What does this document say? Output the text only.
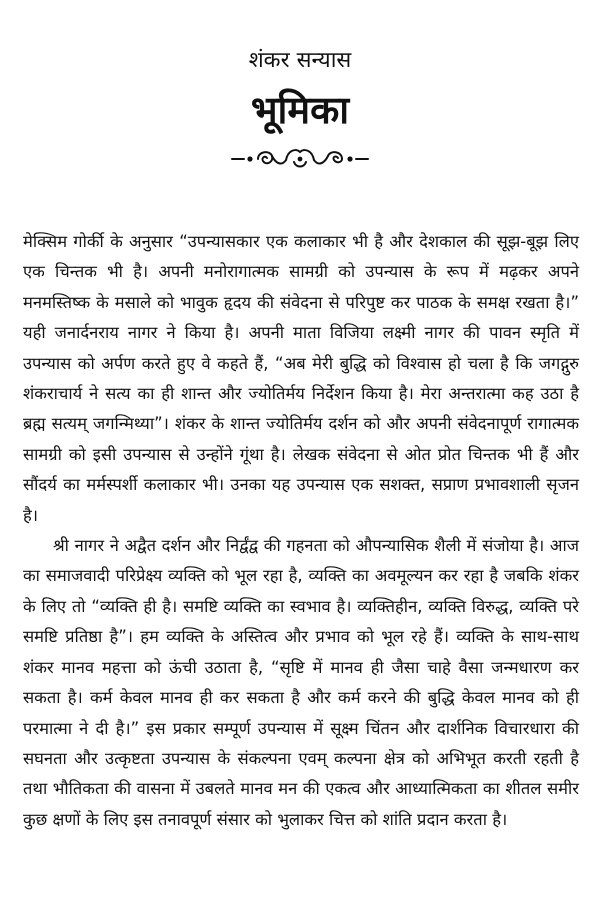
शंकर सन्यास
भूमिका

मेक्सिम गोर्की के अनुसार “उपन्यासकार एक कलाकार भी है और देशकाल की सूझ-बूझ लिए एक चिन्तक भी है। अपनी मनोरागात्मक सामग्री को उपन्यास के रूप में मढ़कर अपने मनमस्तिष्क के मसाले को भावुक हृदय की संवेदना से परिपुष्ट कर पाठक के समक्ष रखता है।” यही जनार्दनराय नागर ने किया है। अपनी माता विजिया लक्ष्मी नागर की पावन स्मृति में उपन्यास को अर्पण करते हुए वे कहते हैं, “अब मेरी बुद्धि को विश्वास हो चला है कि जगद्गुरु शंकराचार्य ने सत्य का ही शान्त और ज्योतिर्मय निर्देशन किया है। मेरा अन्तरात्मा कह उठा है ब्रह्म सत्यम् जगन्मिथ्या”। शंकर के शान्त ज्योतिर्मय दर्शन को और अपनी संवेदनापूर्ण रागात्मक सामग्री को इसी उपन्यास से उन्होंने गूंथा है। लेखक संवेदना से ओत प्रोत चिन्तक भी हैं और सौंदर्य का मर्मस्पर्शी कलाकार भी। उनका यह उपन्यास एक सशक्त, सप्राण प्रभावशाली सृजन है।

श्री नागर ने अद्वैत दर्शन और निर्द्वंद्व की गहनता को औपन्यासिक शैली में संजोया है। आज का समाजवादी परिप्रेक्ष्य व्यक्ति को भूल रहा है, व्यक्ति का अवमूल्यन कर रहा है जबकि शंकर के लिए तो “व्यक्ति ही है। समष्टि व्यक्ति का स्वभाव है। व्यक्तिहीन, व्यक्ति विरुद्ध, व्यक्ति परे समष्टि प्रतिष्ठा है”। हम व्यक्ति के अस्तित्व और प्रभाव को भूल रहे हैं। व्यक्ति के साथ-साथ शंकर मानव महत्ता को ऊंची उठाता है, “सृष्टि में मानव ही जैसा चाहे वैसा जन्मधारण कर सकता है। कर्म केवल मानव ही कर सकता है और कर्म करने की बुद्धि केवल मानव को ही परमात्मा ने दी है।” इस प्रकार सम्पूर्ण उपन्यास में सूक्ष्म चिंतन और दार्शनिक विचारधारा की सघनता और उत्कृष्टता उपन्यास के संकल्पना एवम् कल्पना क्षेत्र को अभिभूत करती रहती है तथा भौतिकता की वासना में उबलते मानव मन की एकत्व और आध्यात्मिकता का शीतल समीर कुछ क्षणों के लिए इस तनावपूर्ण संसार को भुलाकर चित्त को शांति प्रदान करता है।
